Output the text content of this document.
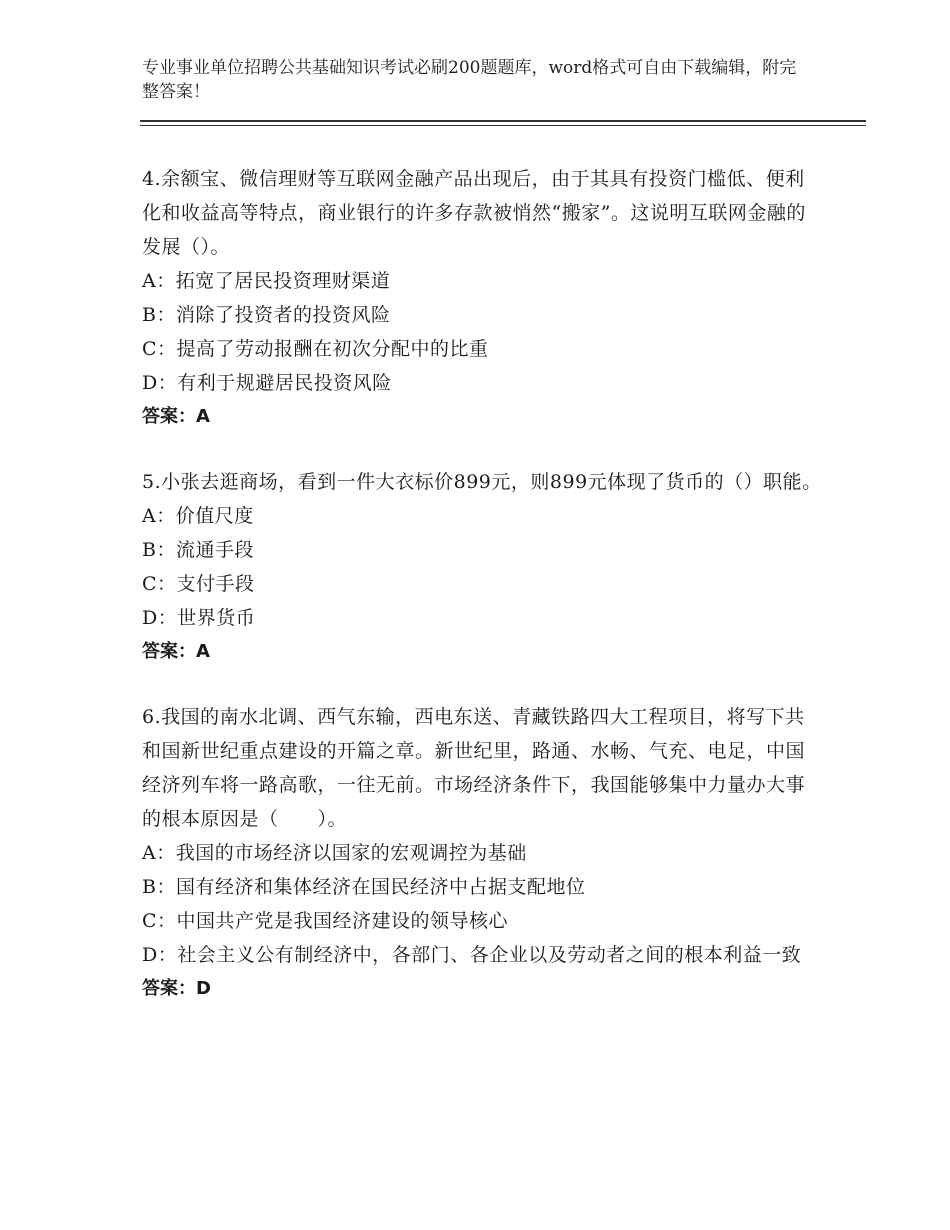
专业事业单位招聘公共基础知识考试必刷200题题库，word格式可自由下载编辑，附完整答案！
4.余额宝、微信理财等互联网金融产品出现后，由于其具有投资门槛低、便利化和收益高等特点，商业银行的许多存款被悄然“搬家”。这说明互联网金融的发展（）。
A：拓宽了居民投资理财渠道
B：消除了投资者的投资风险
C：提高了劳动报酬在初次分配中的比重
D：有利于规避居民投资风险
答案：A
5.小张去逛商场，看到一件大衣标价899元，则899元体现了货币的（）职能。
A：价值尺度
B：流通手段
C：支付手段
D：世界货币
答案：A
6.我国的南水北调、西气东输，西电东送、青藏铁路四大工程项目，将写下共和国新世纪重点建设的开篇之章。新世纪里，路通、水畅、气充、电足，中国经济列车将一路高歌，一往无前。市场经济条件下，我国能够集中力量办大事的根本原因是（　　）。
A：我国的市场经济以国家的宏观调控为基础
B：国有经济和集体经济在国民经济中占据支配地位
C：中国共产党是我国经济建设的领导核心
D：社会主义公有制经济中，各部门、各企业以及劳动者之间的根本利益一致
答案：D
